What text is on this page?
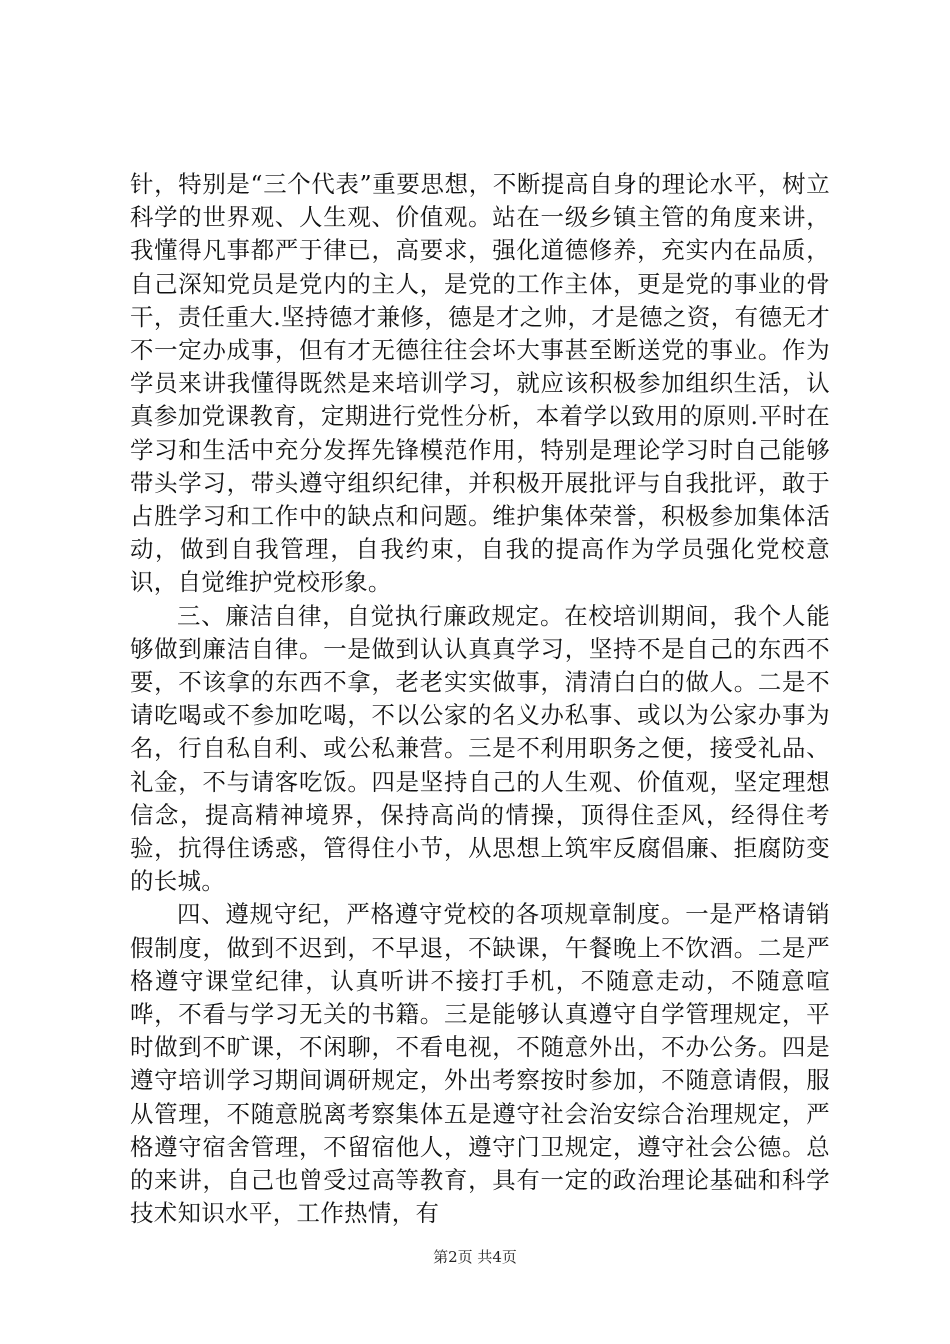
针，特别是“三个代表”重要思想，不断提高自身的理论水平，树立科学的世界观、人生观、价值观。站在一级乡镇主管的角度来讲，我懂得凡事都严于律已，高要求，强化道德修养，充实内在品质，自己深知党员是党内的主人，是党的工作主体，更是党的事业的骨干，责任重大.坚持德才兼修，德是才之帅，才是德之资，有德无才不一定办成事，但有才无德往往会坏大事甚至断送党的事业。作为学员来讲我懂得既然是来培训学习，就应该积极参加组织生活，认真参加党课教育，定期进行党性分析，本着学以致用的原则.平时在学习和生活中充分发挥先锋模范作用，特别是理论学习时自己能够带头学习，带头遵守组织纪律，并积极开展批评与自我批评，敢于占胜学习和工作中的缺点和问题。维护集体荣誉，积极参加集体活动，做到自我管理，自我约束，自我的提高作为学员强化党校意识，自觉维护党校形象。

三、廉洁自律，自觉执行廉政规定。在校培训期间，我个人能够做到廉洁自律。一是做到认认真真学习，坚持不是自己的东西不要，不该拿的东西不拿，老老实实做事，清清白白的做人。二是不请吃喝或不参加吃喝，不以公家的名义办私事、或以为公家办事为名，行自私自利、或公私兼营。三是不利用职务之便，接受礼品、礼金，不与请客吃饭。四是坚持自己的人生观、价值观，坚定理想信念，提高精神境界，保持高尚的情操，顶得住歪风，经得住考验，抗得住诱惑，管得住小节，从思想上筑牢反腐倡廉、拒腐防变的长城。

四、遵规守纪，严格遵守党校的各项规章制度。一是严格请销假制度，做到不迟到，不早退，不缺课，午餐晚上不饮酒。二是严格遵守课堂纪律，认真听讲不接打手机，不随意走动，不随意喧哗，不看与学习无关的书籍。三是能够认真遵守自学管理规定，平时做到不旷课，不闲聊，不看电视，不随意外出，不办公务。四是遵守培训学习期间调研规定，外出考察按时参加，不随意请假，服从管理，不随意脱离考察集体五是遵守社会治安综合治理规定，严格遵守宿舍管理，不留宿他人，遵守门卫规定，遵守社会公德。总的来讲，自己也曾受过高等教育，具有一定的政治理论基础和科学技术知识水平，工作热情，有

第2页 共4页
